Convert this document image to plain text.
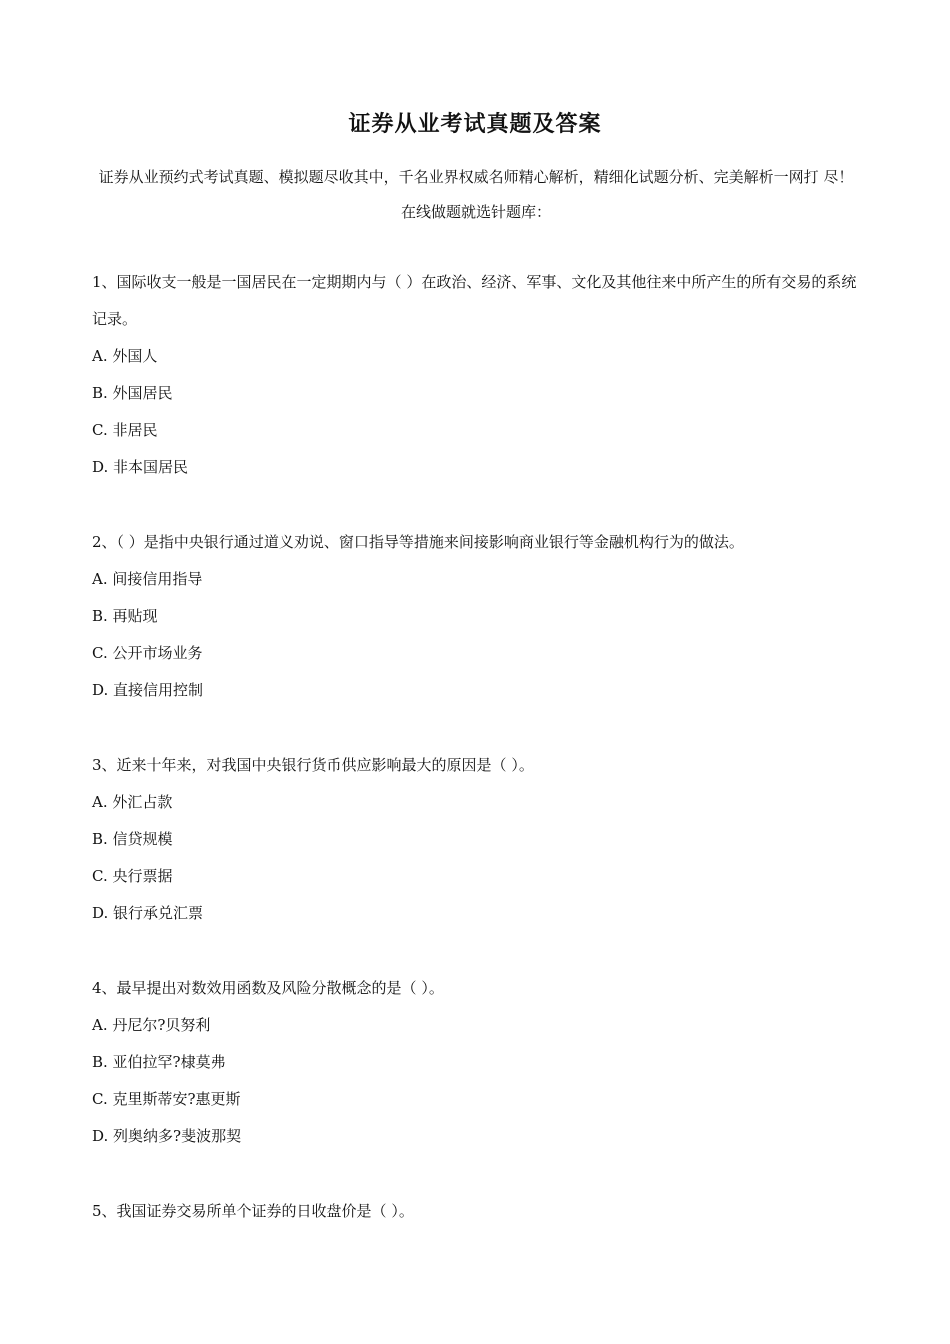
证券从业考试真题及答案
证券从业预约式考试真题、模拟题尽收其中，千名业界权威名师精心解析，精细化试题分析、完美解析一网打 尽！在线做题就选针题库：

1、国际收支一般是一国居民在一定期期内与（ ）在政治、经济、军事、文化及其他往来中所产生的所有交易的系统记录。

A. 外国人

B. 外国居民

C. 非居民

D. 非本国居民

2、（ ）是指中央银行通过道义劝说、窗口指导等措施来间接影响商业银行等金融机构行为的做法。

A. 间接信用指导

B. 再贴现

C. 公开市场业务

D. 直接信用控制

3、近来十年来，对我国中央银行货币供应影响最大的原因是（ ）。

A. 外汇占款

B. 信贷规模

C. 央行票据

D. 银行承兑汇票

4、最早提出对数效用函数及风险分散概念的是（ ）。

A. 丹尼尔?贝努利

B. 亚伯拉罕?棣莫弗

C. 克里斯蒂安?惠更斯

D. 列奥纳多?斐波那契

5、我国证券交易所单个证券的日收盘价是（ ）。
